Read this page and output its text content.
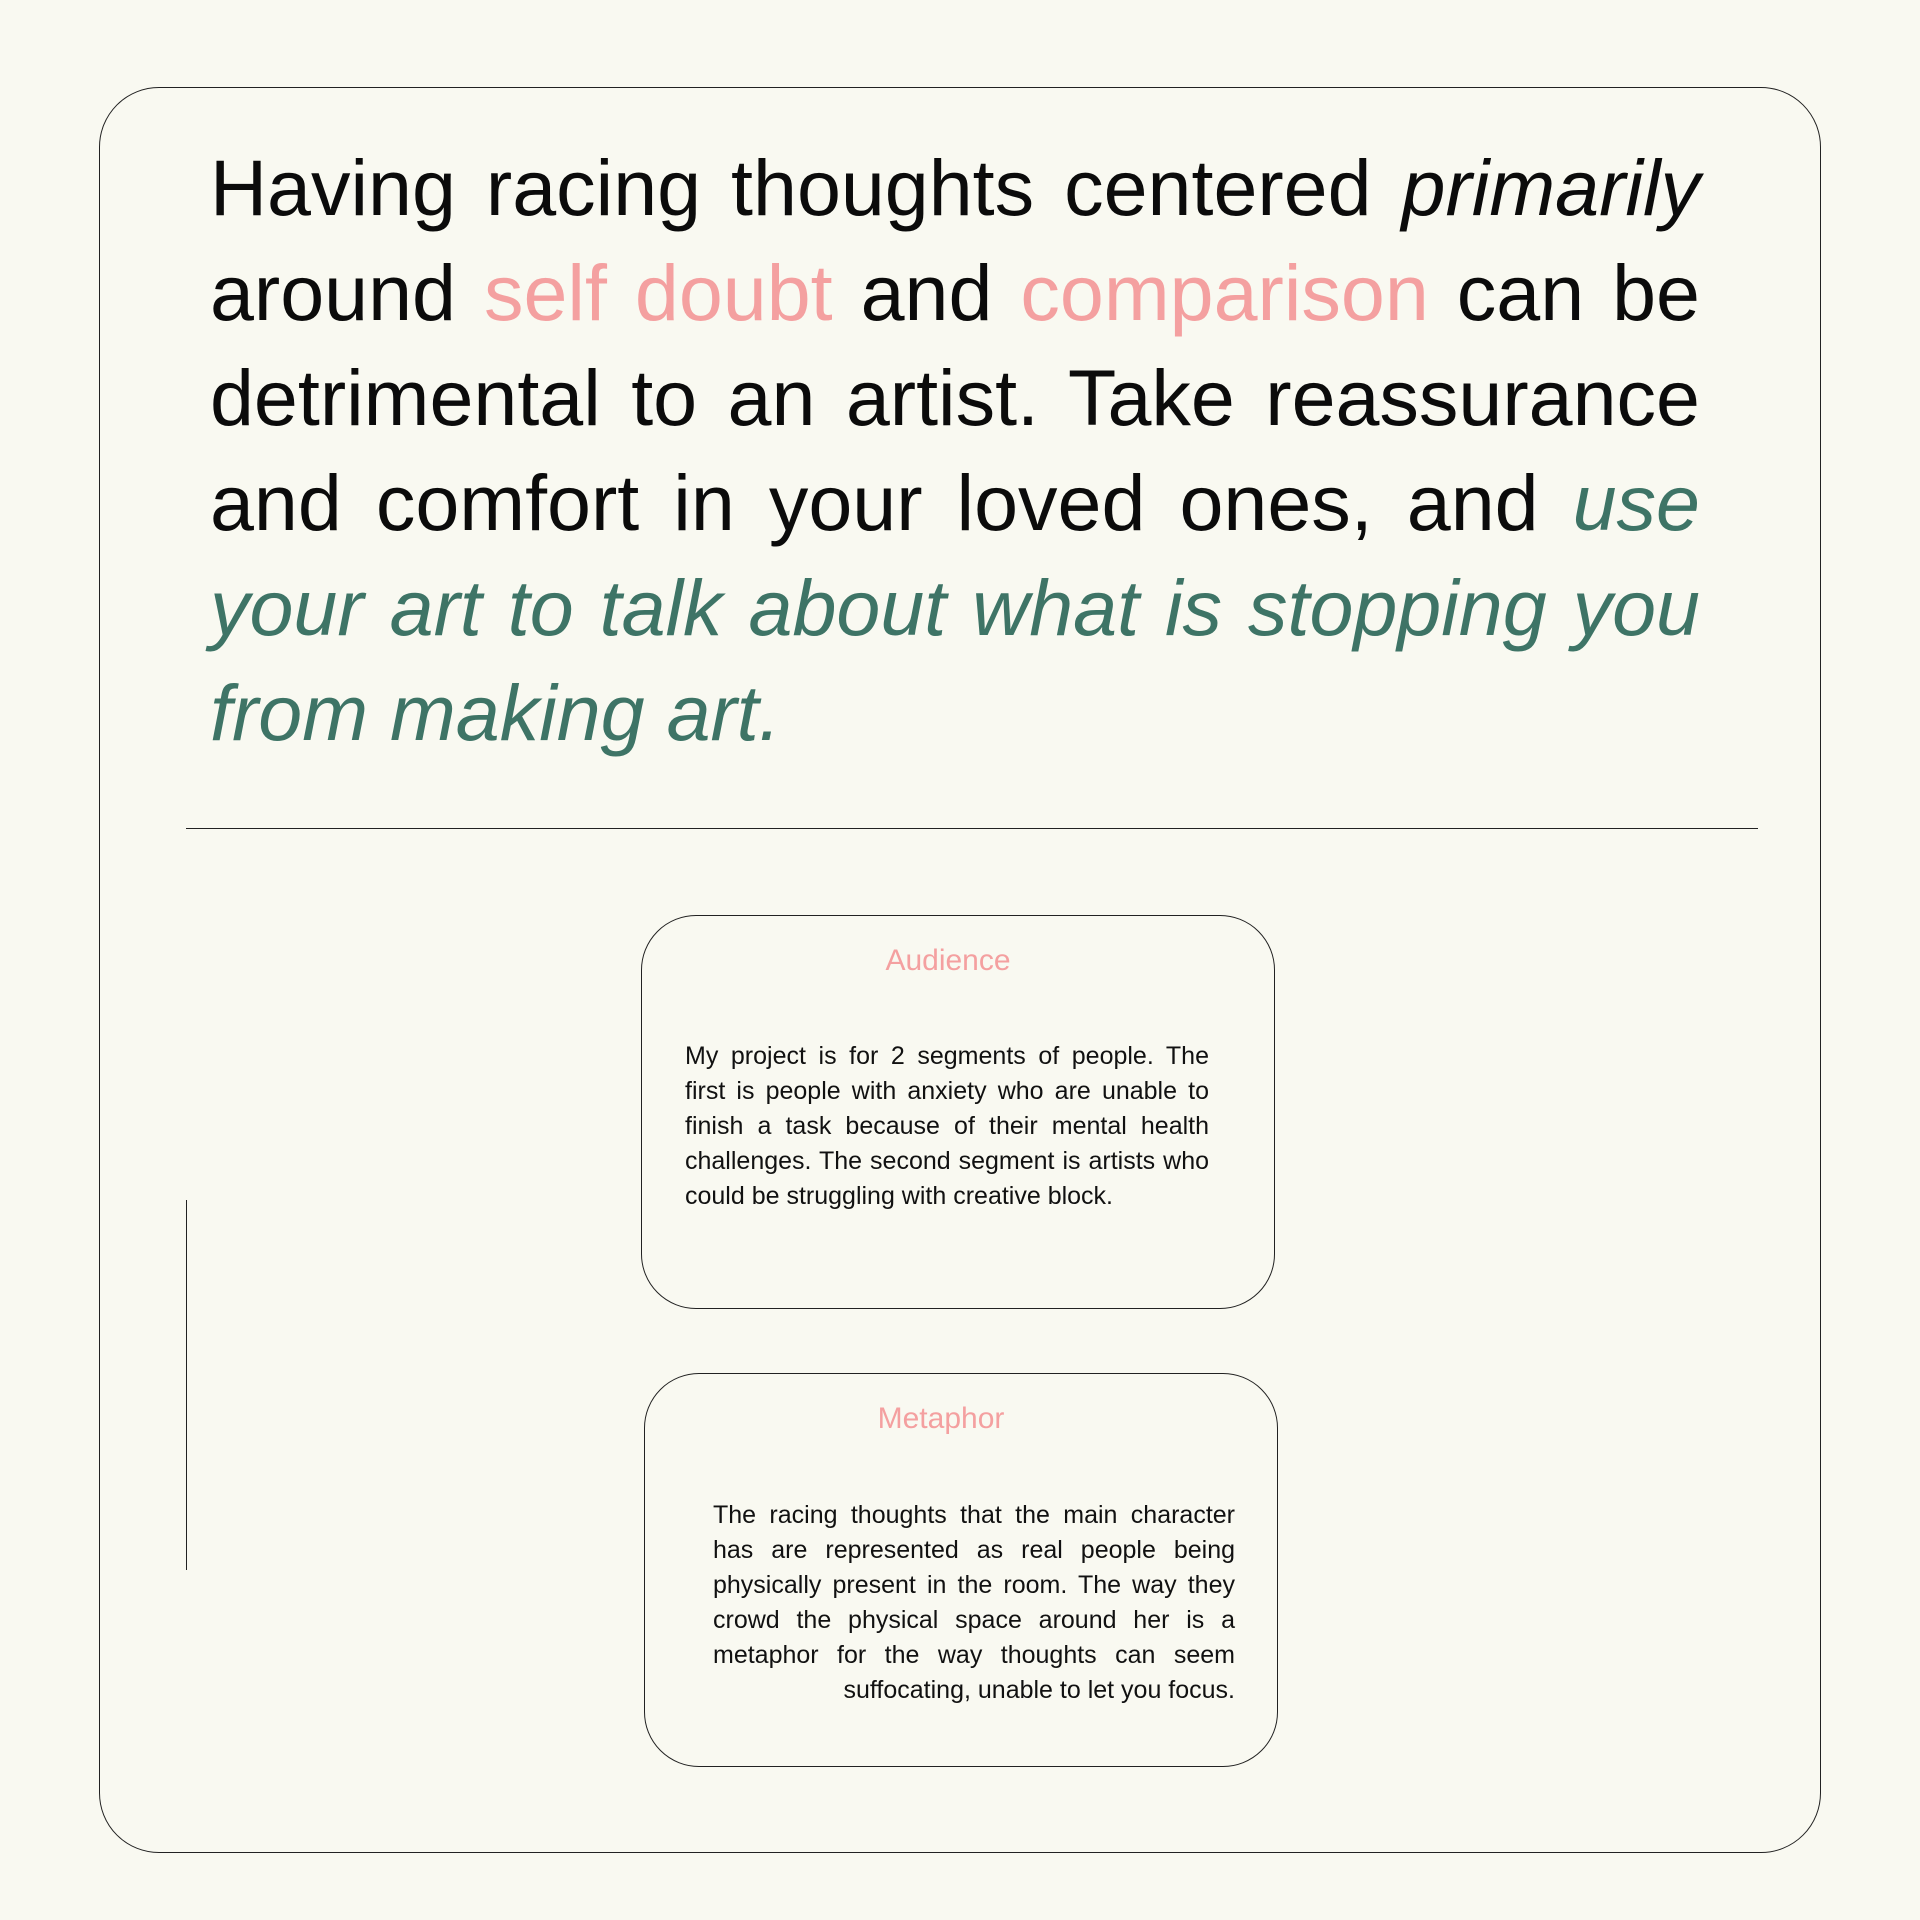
Having racing thoughts centered primarily around self doubt and comparison can be detrimental to an artist. Take reassurance and comfort in your loved ones, and use your art to talk about what is stopping you from making art.

Audience

My project is for 2 segments of people. The first is people with anxiety who are unable to finish a task because of their mental health challenges. The second segment is artists who could be struggling with creative block.

Metaphor

The racing thoughts that the main character has are represented as real people being physically present in the room. The way they crowd the physical space around her is a metaphor for the way thoughts can seem suffocating, unable to let you focus.
